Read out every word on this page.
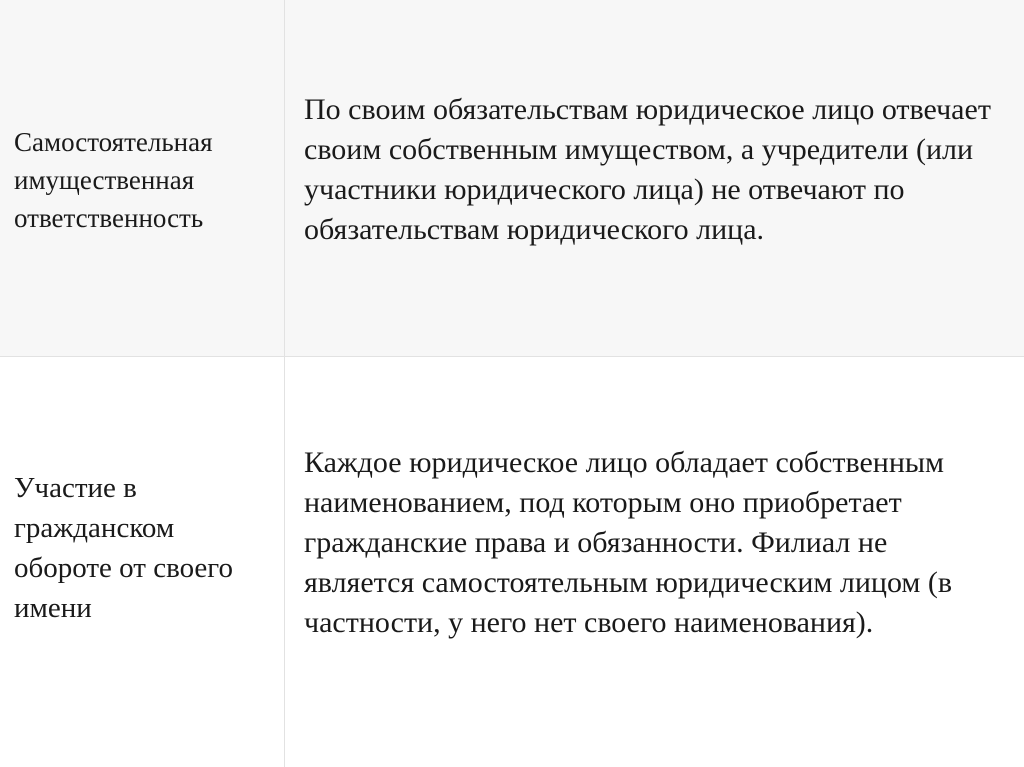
Самостоятельная имущественная ответственность
По своим обязательствам юридическое лицо отвечает своим собственным имуществом, а учредители (или участники юридического лица) не отвечают по обязательствам юридического лица.
Участие в гражданском обороте от своего имени
Каждое юридическое лицо обладает собственным наименованием, под которым оно приобретает гражданские права и обязанности. Филиал не является самостоятельным юридическим лицом (в частности, у него нет своего наименования).
